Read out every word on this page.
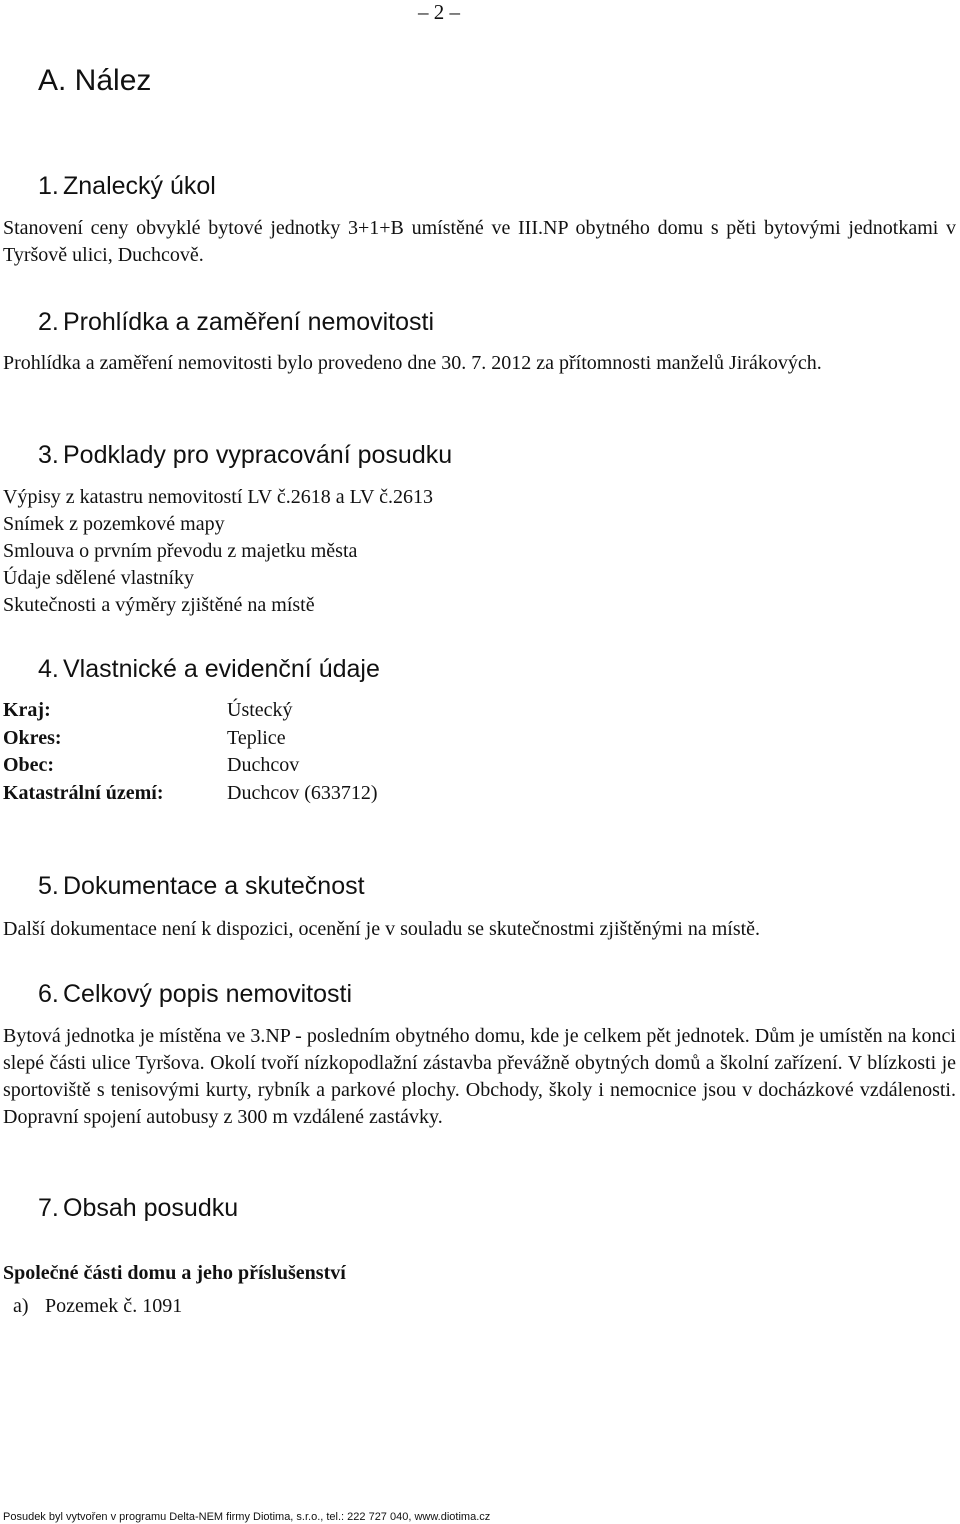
– 2 –
A. Nález
1. Znalecký úkol
Stanovení ceny obvyklé bytové jednotky 3+1+B umístěné ve III.NP obytného domu s pěti bytovými jednotkami v Tyršově ulici, Duchcově.
2. Prohlídka a zaměření nemovitosti
Prohlídka a zaměření nemovitosti bylo provedeno dne 30. 7. 2012 za přítomnosti manželů Jirákových.
3. Podklady pro vypracování posudku
Výpisy z katastru nemovitostí LV č.2618 a LV č.2613
Snímek z pozemkové mapy
Smlouva o prvním převodu z majetku města
Údaje sdělené vlastníky
Skutečnosti a výměry zjištěné na místě
4. Vlastnické a evidenční údaje
Kraj:	Ústecký
Okres:	Teplice
Obec:	Duchcov
Katastrální území:	Duchcov (633712)
5. Dokumentace a skutečnost
Další dokumentace není k dispozici, ocenění je v souladu se skutečnostmi zjištěnými na místě.
6. Celkový popis nemovitosti
Bytová jednotka je místěna ve 3.NP - posledním obytného domu, kde je celkem pět jednotek. Dům je umístěn na konci slepé části ulice Tyršova. Okolí tvoří nízkopodlažní zástavba převážně obytných domů a školní zařízení. V blízkosti je sportoviště s tenisovými kurty, rybník a parkové plochy. Obchody, školy i nemocnice jsou v docházkové vzdálenosti. Dopravní spojení autobusy z 300 m vzdálené zastávky.
7. Obsah posudku
Společné části domu a jeho příslušenství
a) Pozemek č. 1091
Posudek byl vytvořen v programu Delta-NEM firmy Diotima, s.r.o., tel.: 222 727 040, www.diotima.cz
